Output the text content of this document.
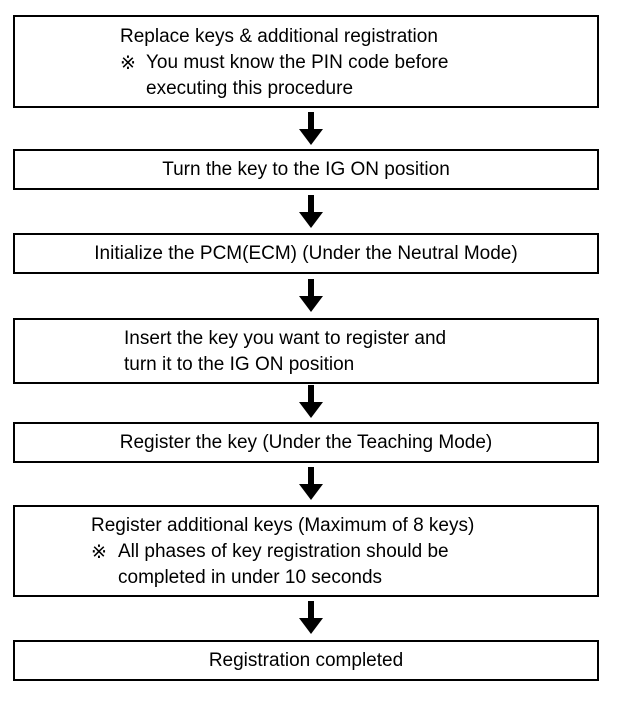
Replace keys & additional registration
※ You must know the PIN code before
executing this procedure
Turn the key to the IG ON position
Initialize the PCM(ECM) (Under the Neutral Mode)
Insert the key you want to register and
turn it to the IG ON position
Register the key (Under the Teaching Mode)
Register additional keys (Maximum of 8 keys)
※ All phases of key registration should be
completed in under 10 seconds
Registration completed
